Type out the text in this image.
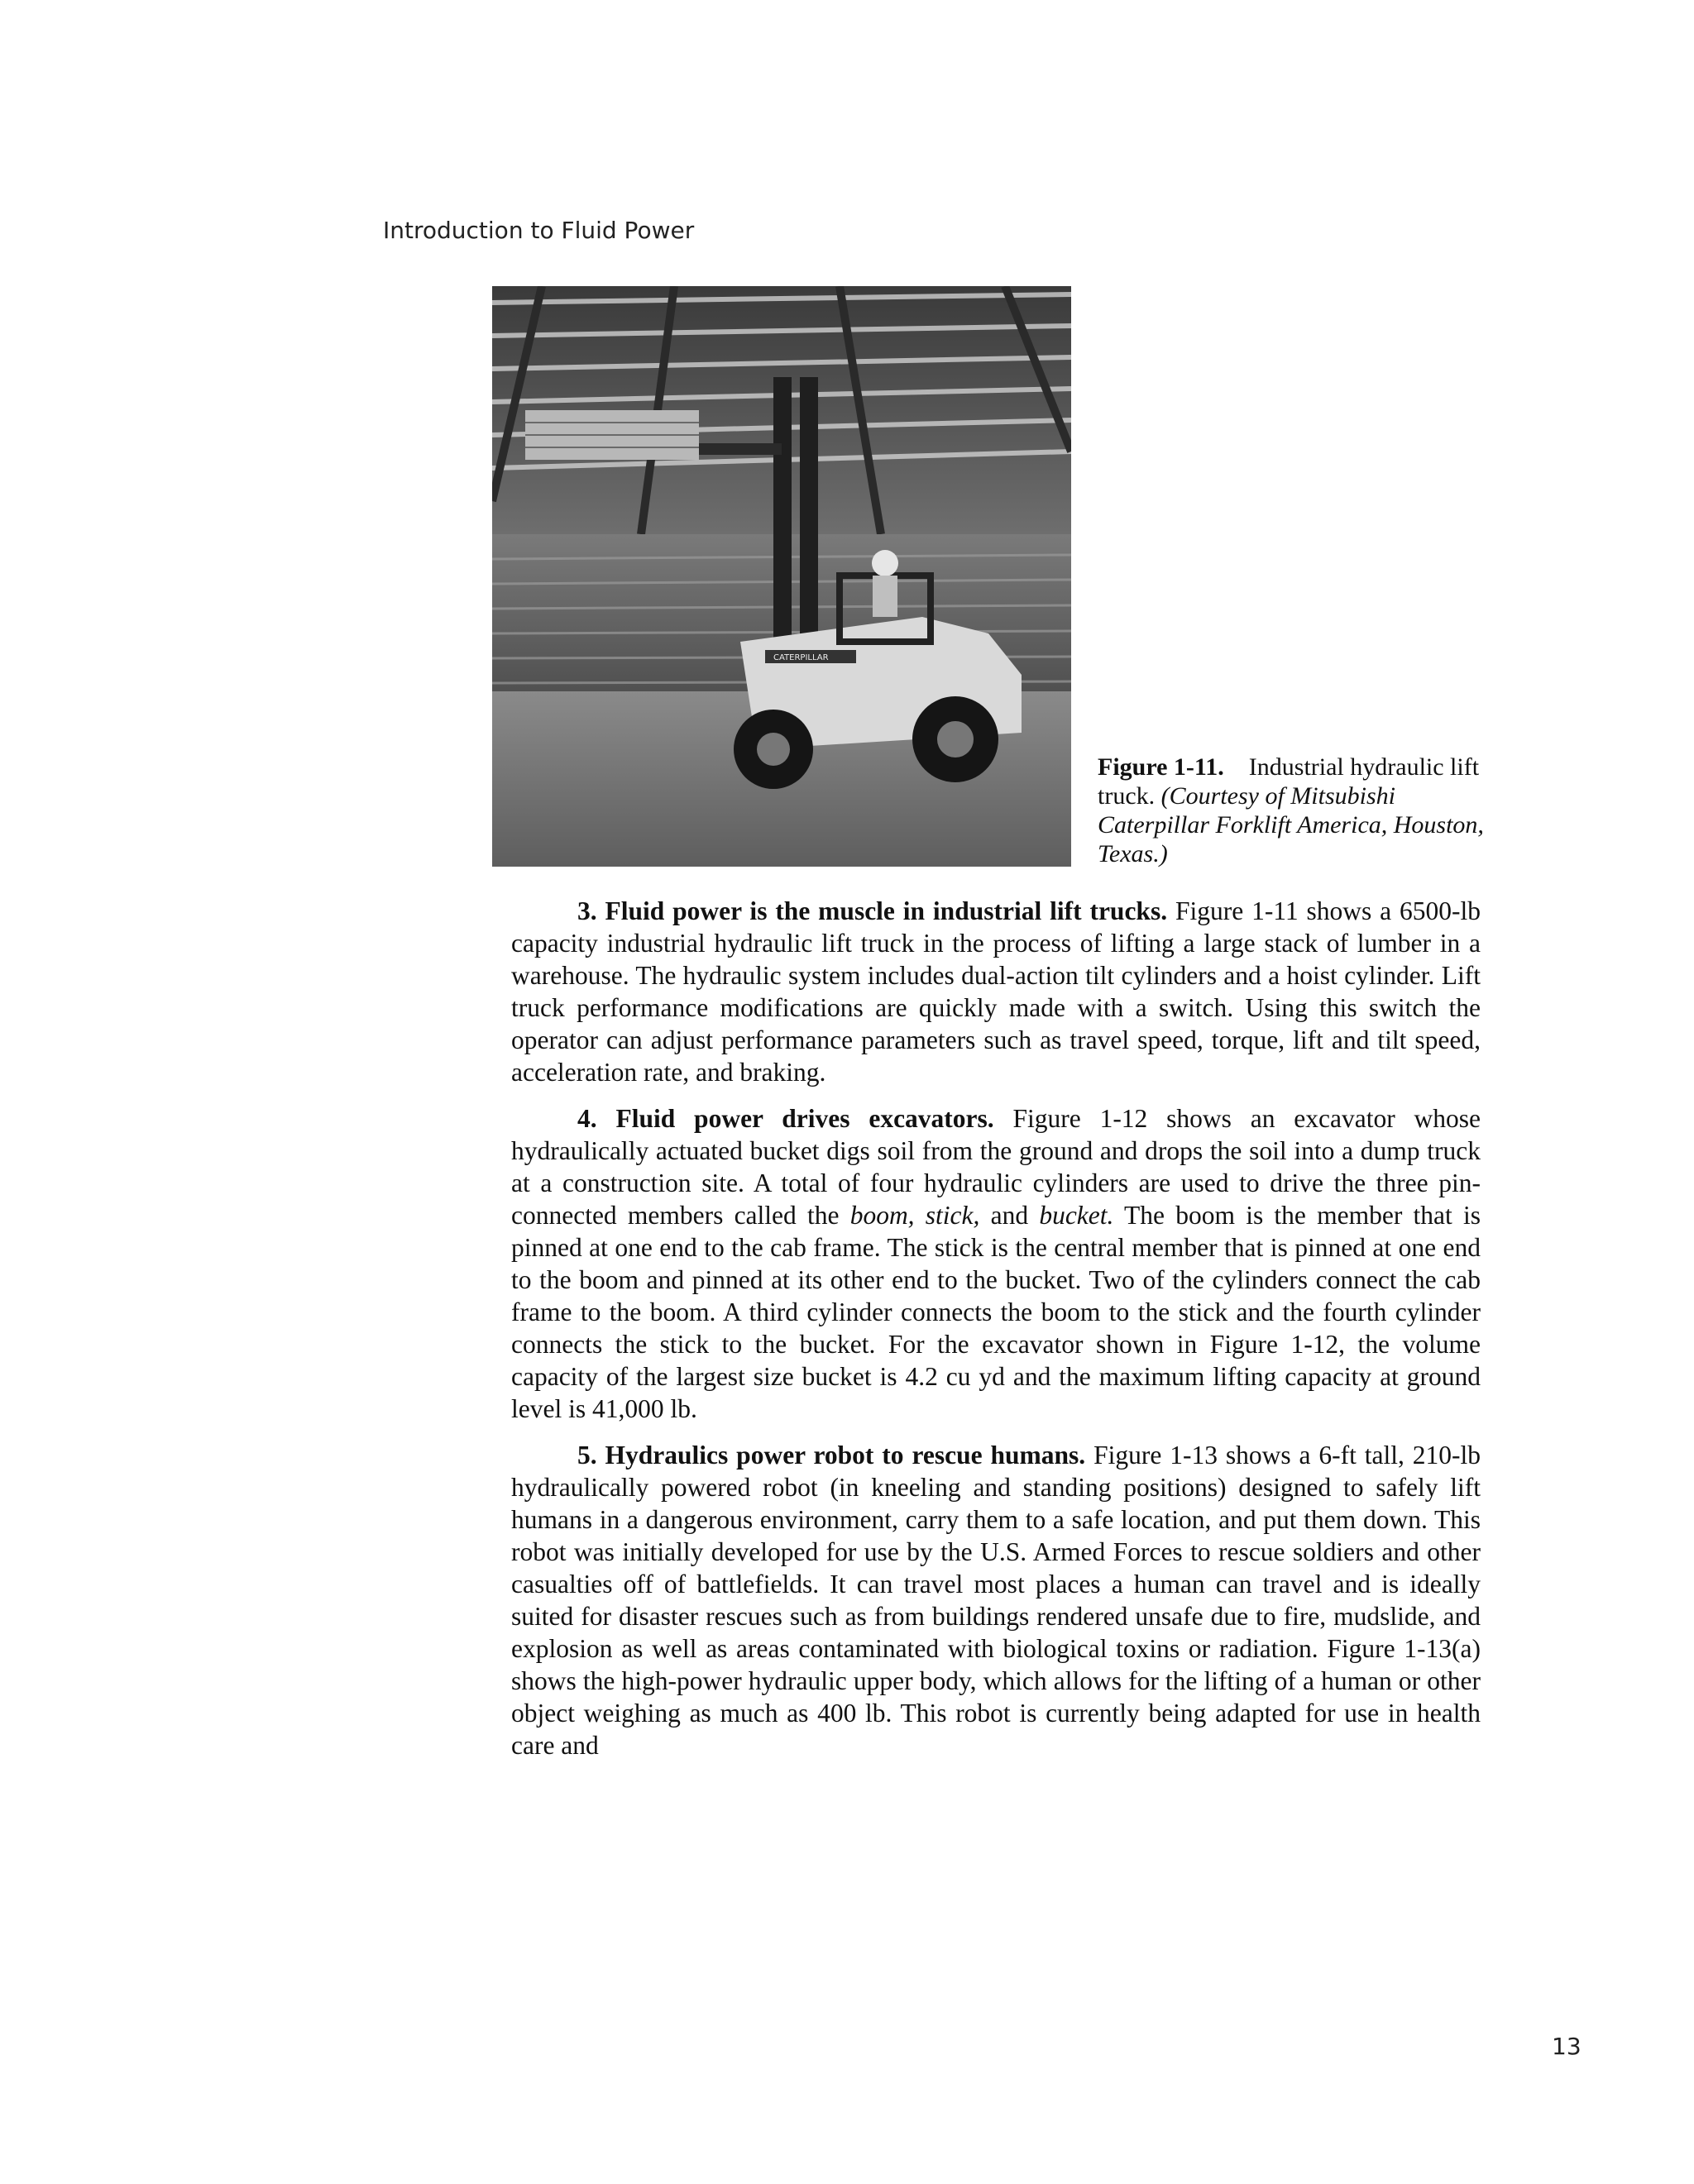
Introduction to Fluid Power
CATERPILLAR
Figure 1-11.  Industrial hydraulic lift truck. (Courtesy of Mitsubishi Caterpillar Forklift America, Houston, Texas.)

3. Fluid power is the muscle in industrial lift trucks. Figure 1-11 shows a 6500-lb capacity industrial hydraulic lift truck in the process of lifting a large stack of lumber in a warehouse. The hydraulic system includes dual-action tilt cylinders and a hoist cylinder. Lift truck performance modifications are quickly made with a switch. Using this switch the operator can adjust performance parameters such as travel speed, torque, lift and tilt speed, acceleration rate, and braking.

4. Fluid power drives excavators. Figure 1-12 shows an excavator whose hydraulically actuated bucket digs soil from the ground and drops the soil into a dump truck at a construction site. A total of four hydraulic cylinders are used to drive the three pin-connected members called the boom, stick, and bucket. The boom is the member that is pinned at one end to the cab frame. The stick is the central member that is pinned at one end to the boom and pinned at its other end to the bucket. Two of the cylinders connect the cab frame to the boom. A third cylinder connects the boom to the stick and the fourth cylinder connects the stick to the bucket. For the excavator shown in Figure 1-12, the volume capacity of the largest size bucket is 4.2 cu yd and the maximum lifting capacity at ground level is 41,000 lb.

5. Hydraulics power robot to rescue humans. Figure 1-13 shows a 6-ft tall, 210-lb hydraulically powered robot (in kneeling and standing positions) designed to safely lift humans in a dangerous environment, carry them to a safe location, and put them down. This robot was initially developed for use by the U.S. Armed Forces to rescue soldiers and other casualties off of battlefields. It can travel most places a human can travel and is ideally suited for disaster rescues such as from buildings rendered unsafe due to fire, mudslide, and explosion as well as areas contaminated with biological toxins or radiation. Figure 1-13(a) shows the high-power hydraulic upper body, which allows for the lifting of a human or other object weighing as much as 400 lb. This robot is currently being adapted for use in health care and

13
